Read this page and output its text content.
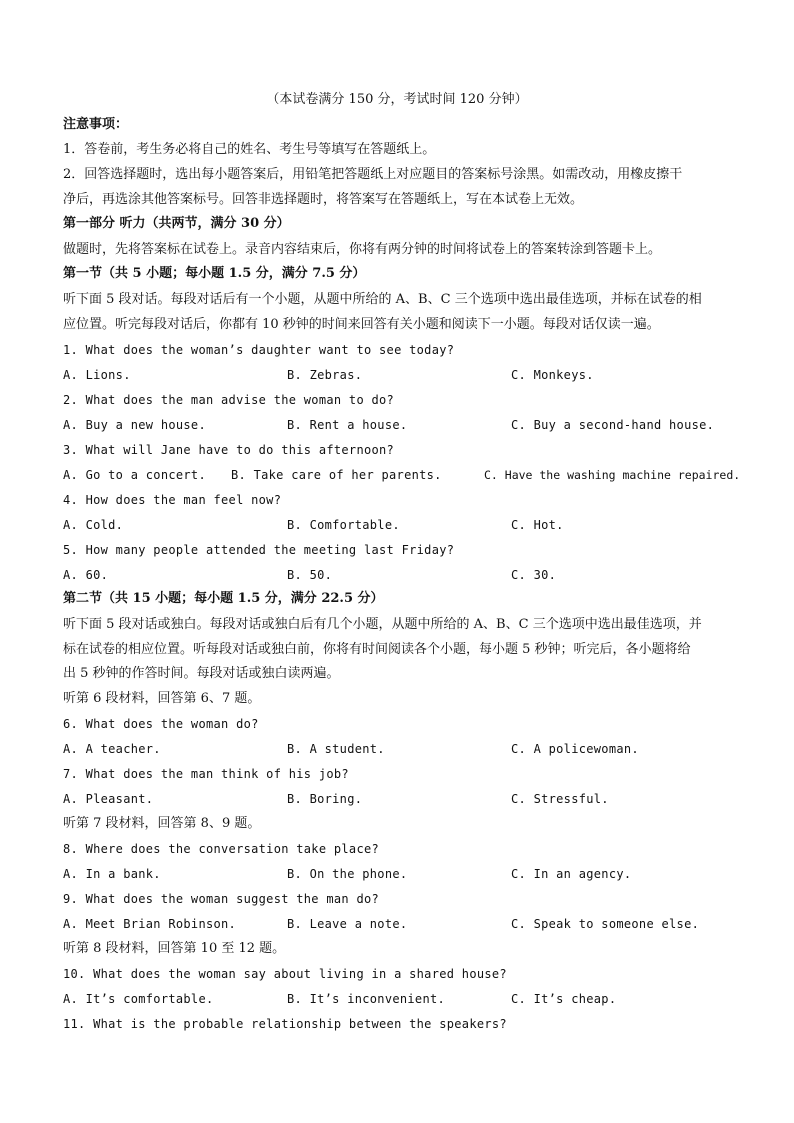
（本试卷满分 150 分，考试时间 120 分钟）
注意事项：
1．答卷前，考生务必将自己的姓名、考生号等填写在答题纸上。
2．回答选择题时，选出每小题答案后，用铅笔把答题纸上对应题目的答案标号涂黑。如需改动，用橡皮擦干
净后，再选涂其他答案标号。回答非选择题时，将答案写在答题纸上，写在本试卷上无效。
第一部分 听力（共两节，满分 30 分）
做题时，先将答案标在试卷上。录音内容结束后，你将有两分钟的时间将试卷上的答案转涂到答题卡上。
第一节（共 5 小题；每小题 1.5 分，满分 7.5 分）
听下面 5 段对话。每段对话后有一个小题，从题中所给的 A、B、C 三个选项中选出最佳选项，并标在试卷的相
应位置。听完每段对话后，你都有 10 秒钟的时间来回答有关小题和阅读下一小题。每段对话仅读一遍。
1. What does the woman’s daughter want to see today?
A. Lions.	B. Zebras.	C. Monkeys.
2. What does the man advise the woman to do?
A. Buy a new house.	B. Rent a house.	C. Buy a second-hand house.
3. What will Jane have to do this afternoon?
A. Go to a concert. B. Take care of her parents.	C. Have the washing machine repaired.
4. How does the man feel now?
A. Cold.	B. Comfortable.	C. Hot.
5. How many people attended the meeting last Friday?
A. 60.	B. 50.	C. 30.
第二节（共 15 小题；每小题 1.5 分，满分 22.5 分）
听下面 5 段对话或独白。每段对话或独白后有几个小题，从题中所给的 A、B、C 三个选项中选出最佳选项，并
标在试卷的相应位置。听每段对话或独白前，你将有时间阅读各个小题，每小题 5 秒钟；听完后，各小题将给
出 5 秒钟的作答时间。每段对话或独白读两遍。
听第 6 段材料，回答第 6、7 题。
6. What does the woman do?
A. A teacher.	B. A student.	C. A policewoman.
7. What does the man think of his job?
A. Pleasant.	B. Boring.	C. Stressful.
听第 7 段材料，回答第 8、9 题。
8. Where does the conversation take place?
A. In a bank.	B. On the phone.	C. In an agency.
9. What does the woman suggest the man do?
A. Meet Brian Robinson.	B. Leave a note.	C. Speak to someone else.
听第 8 段材料，回答第 10 至 12 题。
10. What does the woman say about living in a shared house?
A. It’s comfortable.	B. It’s inconvenient.	C. It’s cheap.
11. What is the probable relationship between the speakers?
